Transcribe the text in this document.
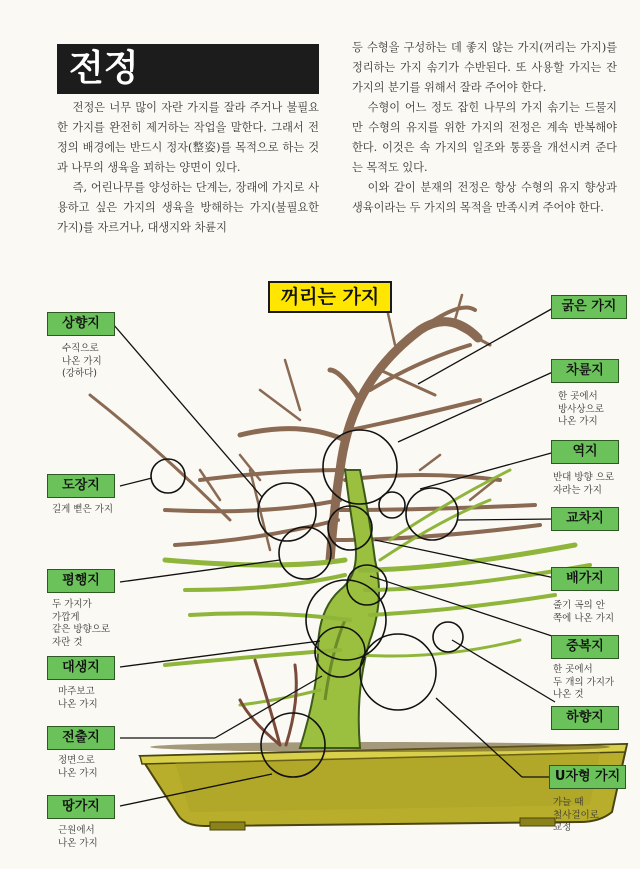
전정

전정은 너무 많이 자란 가지를 잘라 주거나 불필요한 가지를 완전히 제거하는 작업을 말한다. 그래서 전정의 배경에는 반드시 정자(整姿)를 목적으로 하는 것과 나무의 생육을 꾀하는 양면이 있다.

즉, 어린나무를 양성하는 단계는, 장래에 가지로 사용하고 싶은 가지의 생육을 방해하는 가지(불필요한 가지)를 자르거나, 대생지와 차륜지

등 수형을 구성하는 데 좋지 않는 가지(꺼리는 가지)를 정리하는 가지 솎기가 수반된다. 또 사용할 가지는 잔가지의 분기를 위해서 잘라 주어야 한다.

수형이 어느 정도 잡힌 나무의 가지 솎기는 드물지만 수형의 유지를 위한 가지의 전정은 계속 반복해야 한다. 이것은 속 가지의 일조와 통풍을 개선시켜 준다는 목적도 있다.

이와 같이 분재의 전정은 항상 수형의 유지 향상과 생육이라는 두 가지의 목적을 만족시켜 주어야 한다.

꺼리는 가지
상향지
수직으로
나온 가지
(강하다)
도장지
길게 뻗은 가지
평행지
두 가지가
가깝게
같은 방향으로
자란 것
대생지
마주보고
나온 가지
전출지
정면으로
나온 가지
땅가지
근원에서
나온 가지
굵은 가지
차륜지
한 곳에서
방사상으로
나온 가지
역지
반대 방향 으로
자라는 가지
교차지
배가지
줄기 곡의 안
쪽에 나온 가지
중복지
한 곳에서
두 개의 가지가
나온 것
하향지
U자형 가지
가늘 때
철사걸이로
교정
